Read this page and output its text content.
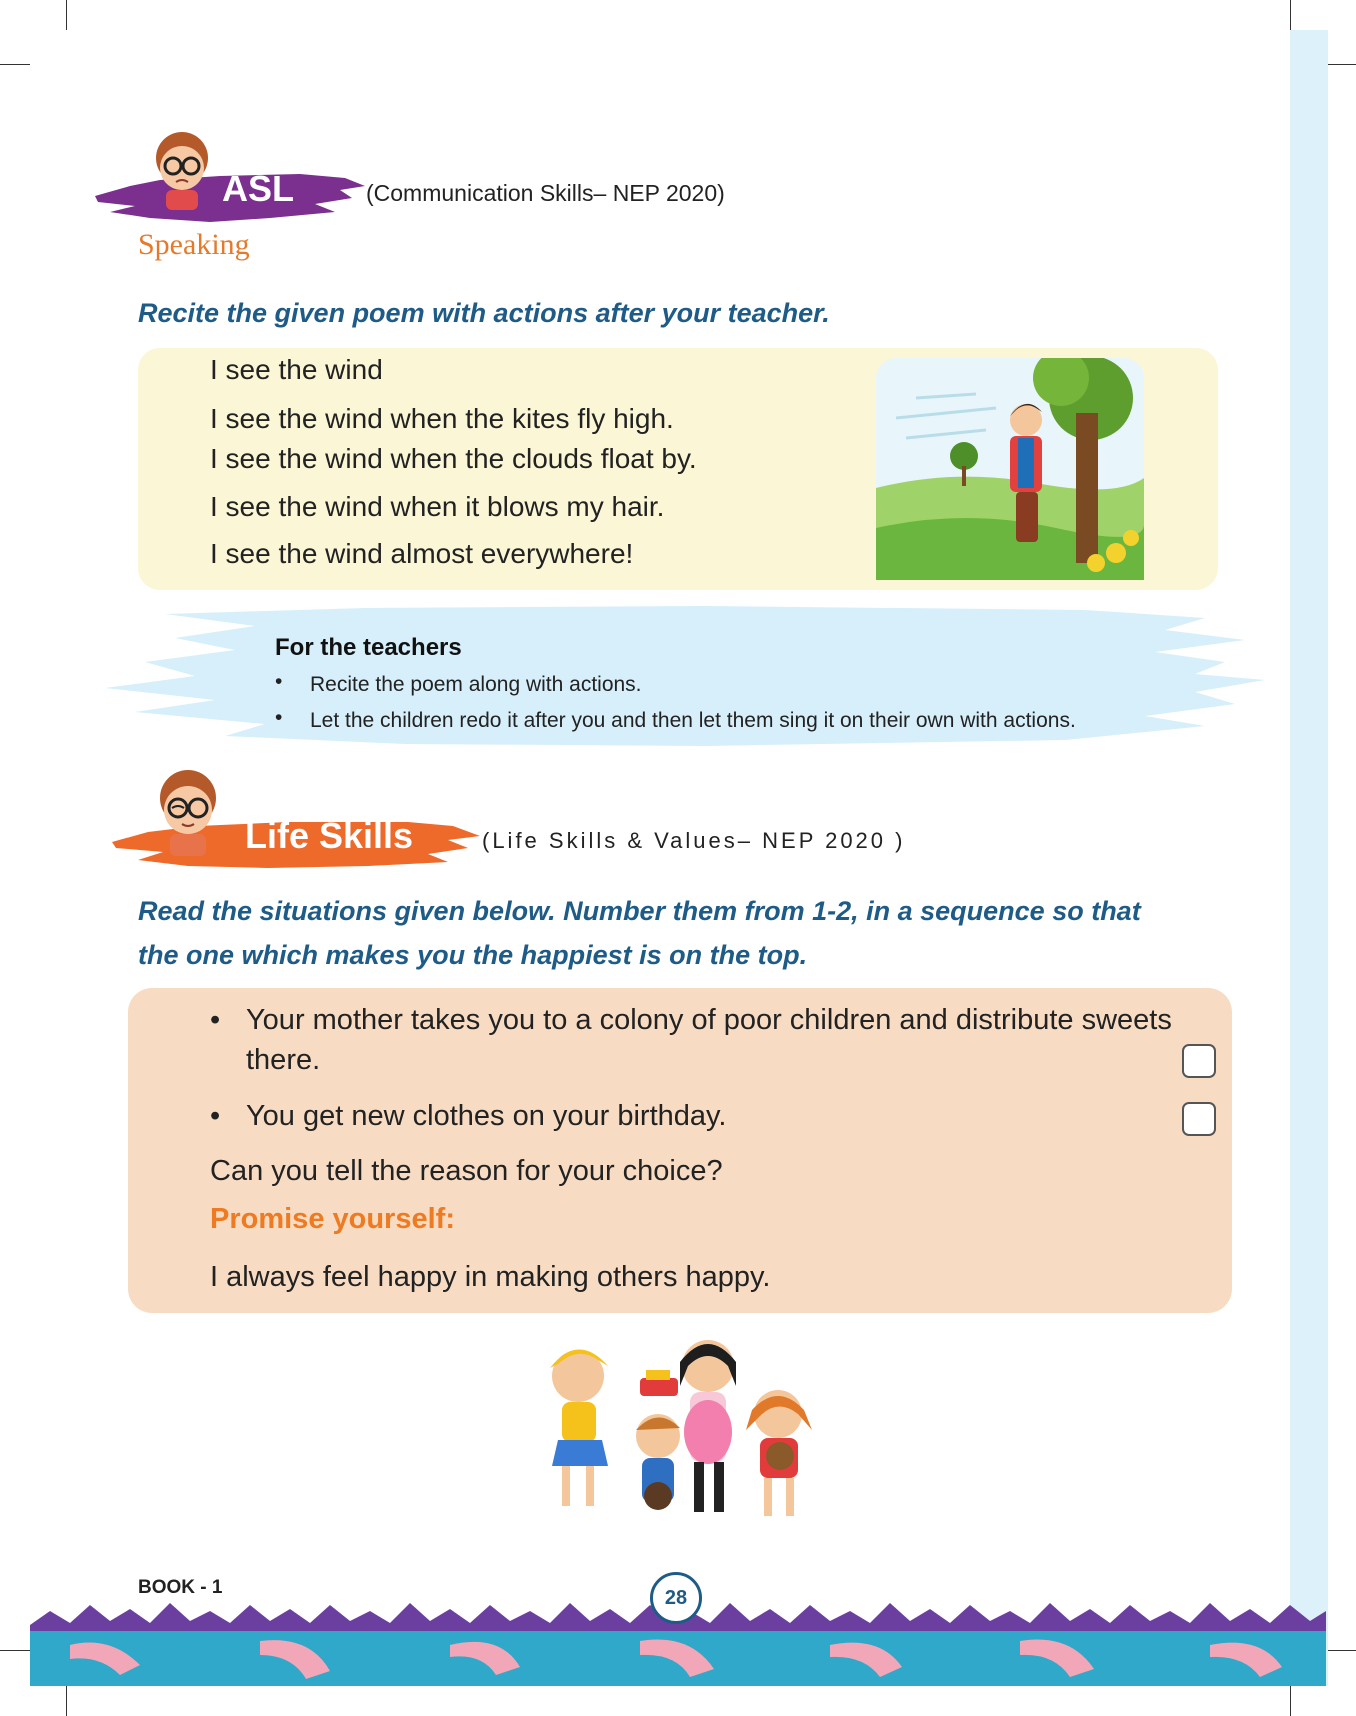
ASL	(Communication Skills– NEP 2020)
Speaking
Recite the given poem with actions after your teacher.
I see the wind
I see the wind when the kites fly high.
I see the wind when the clouds float by.
I see the wind when it blows my hair.
I see the wind almost everywhere!
For the teachers
• Recite the poem along with actions.
• Let the children redo it after you and then let them sing it on their own with actions.
Life Skills	(Life Skills & Values– NEP 2020 )
Read the situations given below. Number them from 1-2, in a sequence so that
the one which makes you the happiest is on the top.
• Your mother takes you to a colony of poor children and distribute sweets
there.
• You get new clothes on your birthday.
Can you tell the reason for your choice?
Promise yourself:
I always feel happy in making others happy.
BOOK - 1	28
